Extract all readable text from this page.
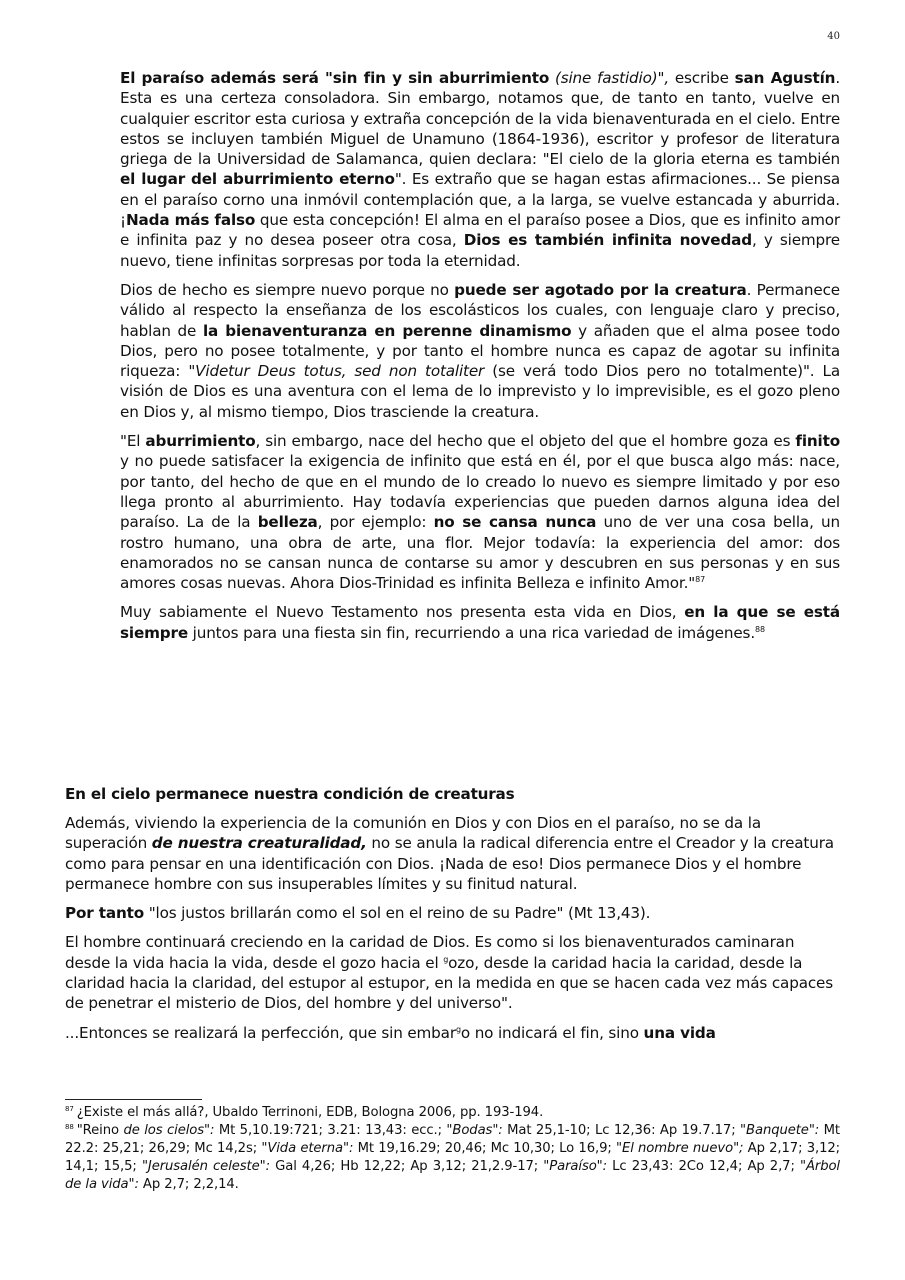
40

El paraíso además será "sin fin y sin aburrimiento (sine fastidio)", escribe san Agustín. Esta es una certeza consoladora. Sin embargo, notamos que, de tanto en tanto, vuelve en cualquier escritor esta curiosa y extraña concepción de la vida bienaventurada en el cielo. Entre estos se incluyen también Miguel de Unamuno (1864-1936), escritor y profesor de literatura griega de la Universidad de Salamanca, quien declara: "El cielo de la gloria eterna es también el lugar del aburrimiento eterno". Es extraño que se hagan estas afirmaciones... Se piensa en el paraíso corno una inmóvil contemplación que, a la larga, se vuelve estancada y aburrida. ¡Nada más falso que esta concepción! El alma en el paraíso posee a Dios, que es infinito amor e infinita paz y no desea poseer otra cosa, Dios es también infinita novedad, y siempre nuevo, tiene infinitas sorpresas por toda la eternidad.

Dios de hecho es siempre nuevo porque no puede ser agotado por la creatura. Permanece válido al respecto la enseñanza de los escolásticos los cuales, con lenguaje claro y preciso, hablan de la bienaventuranza en perenne dinamismo y añaden que el alma posee todo Dios, pero no posee totalmente, y por tanto el hombre nunca es capaz de agotar su infinita riqueza: "Videtur Deus totus, sed non totaliter (se verá todo Dios pero no totalmente)". La visión de Dios es una aventura con el lema de lo imprevisto y lo imprevisible, es el gozo pleno en Dios y, al mismo tiempo, Dios trasciende la creatura.

"El aburrimiento, sin embargo, nace del hecho que el objeto del que el hombre goza es finito y no puede satisfacer la exigencia de infinito que está en él, por el que busca algo más: nace, por tanto, del hecho de que en el mundo de lo creado lo nuevo es siempre limitado y por eso llega pronto al aburrimiento. Hay todavía experiencias que pueden darnos alguna idea del paraíso. La de la belleza, por ejemplo: no se cansa nunca uno de ver una cosa bella, un rostro humano, una obra de arte, una flor. Mejor todavía: la experiencia del amor: dos enamorados no se cansan nunca de contarse su amor y descubren en sus personas y en sus amores cosas nuevas. Ahora Dios-Trinidad es infinita Belleza e infinito Amor."$^{87}$

Muy sabiamente el Nuevo Testamento nos presenta esta vida en Dios, en la que se está siempre juntos para una fiesta sin fin, recurriendo a una rica variedad de imágenes.$^{88}$

En el cielo permanece nuestra condición de creaturas

Además, viviendo la experiencia de la comunión en Dios y con Dios en el paraíso, no se da la superación de nuestra creaturalidad, no se anula la radical diferencia entre el Creador y la creatura como para pensar en una identificación con Dios. ¡Nada de eso! Dios permanece Dios y el hombre permanece hombre con sus insuperables límites y su finitud natural.

Por tanto "los justos brillarán como el sol en el reino de su Padre" (Mt 13,43).

El hombre continuará creciendo en la caridad de Dios. Es como si los bienaventurados caminaran    desde la vida hacia la vida, desde el gozo hacia el $^g$ozo, desde la caridad hacia la caridad, desde la claridad hacia la claridad, del estupor al estupor, en la medida en que se hacen cada vez más capaces de penetrar el misterio de Dios, del hombre y del universo".

...Entonces se realizará la perfección, que sin embar$^g$o no indicará el fin, sino una vida

$^{87}$ ¿Existe el más allá?, Ubaldo Terrinoni, EDB, Bologna 2006, pp. 193-194.

$^{88}$ "Reino de los cielos": Mt 5,10.19:721; 3.21: 13,43: ecc.; "Bodas": Mat 25,1-10; Lc 12,36: Ap 19.7.17; "Banquete": Mt 22.2: 25,21; 26,29; Mc 14,2s; "Vida eterna": Mt 19,16.29; 20,46; Mc 10,30; Lo 16,9; "El nombre nuevo"; Ap 2,17; 3,12; 14,1; 15,5; "Jerusalén celeste": Gal 4,26; Hb 12,22; Ap 3,12; 21,2.9-17; "Paraíso": Lc 23,43: 2Co 12,4; Ap 2,7; "Árbol de la vida": Ap 2,7; 2,2,14.
